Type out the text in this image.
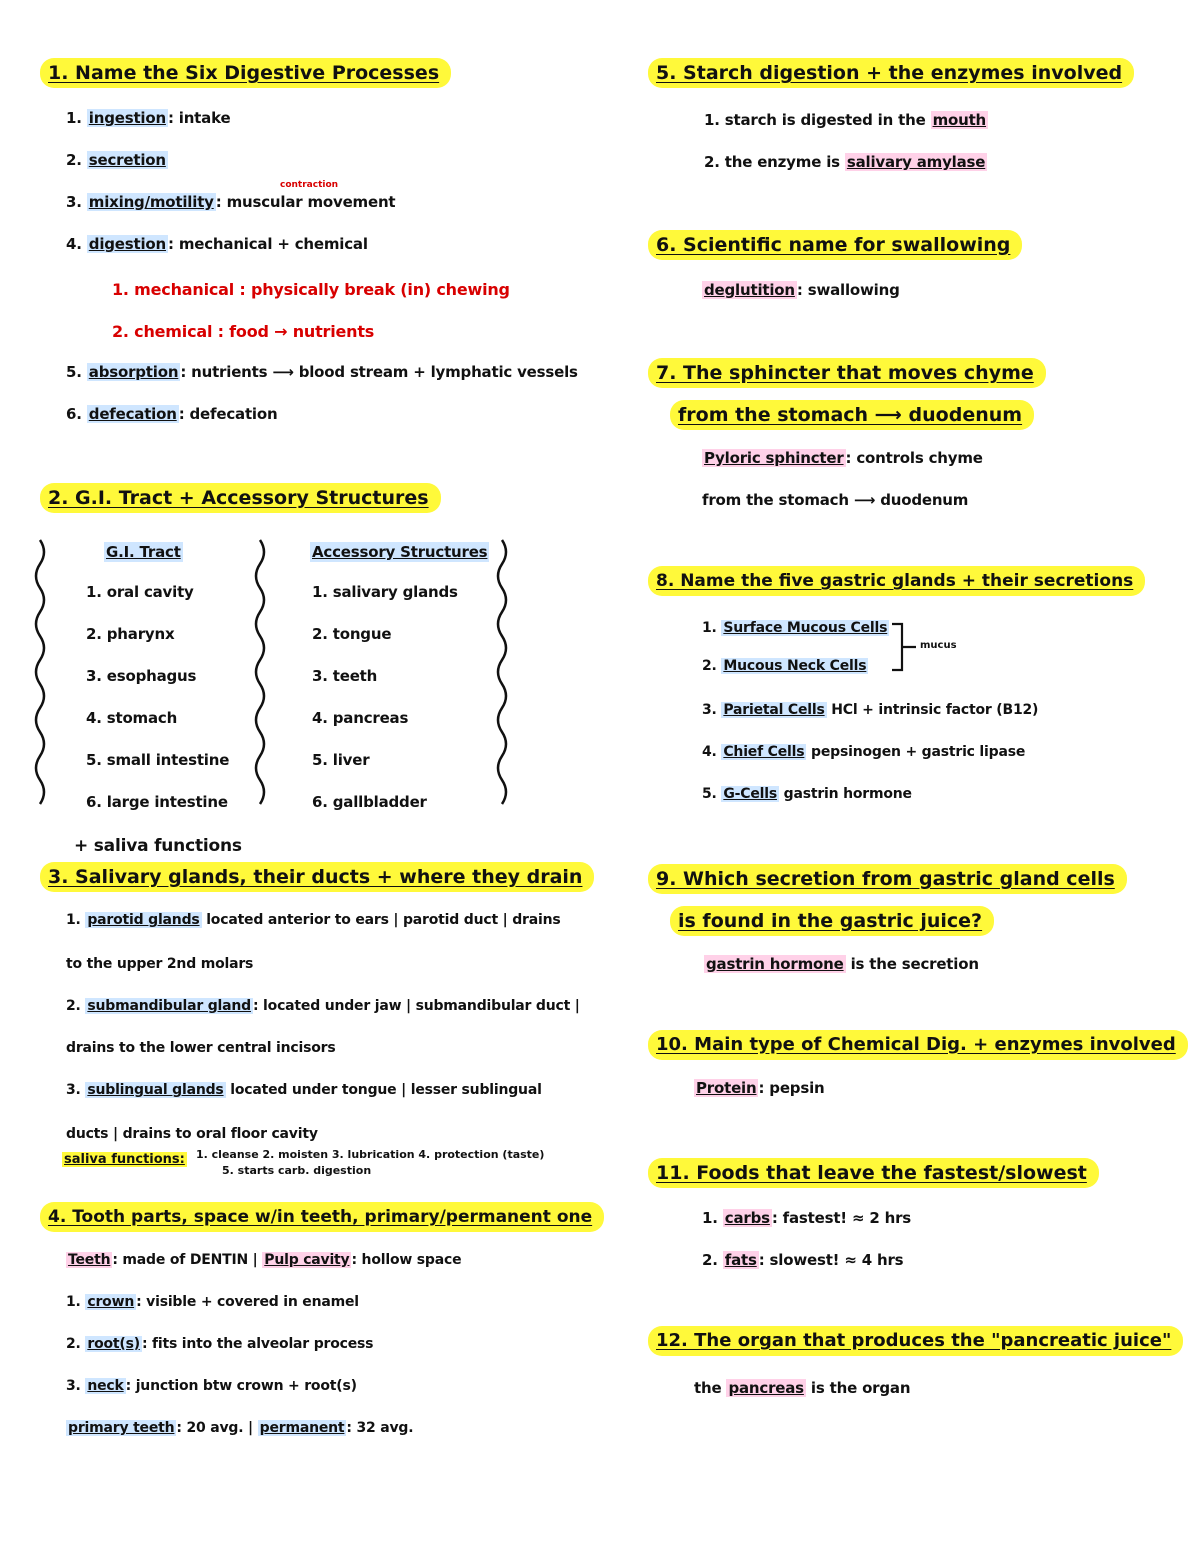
1. Name the Six Digestive Processes
1. ingestion : intake
2. secretion
contraction
3. mixing/motility : muscular movement
4. digestion : mechanical + chemical
1. mechanical : physically break (in) chewing
2. chemical : food → nutrients
5. absorption : nutrients ⟶ blood stream + lymphatic vessels
6. defecation : defecation
2. G.I. Tract + Accessory Structures
G.I. Tract
1. oral cavity
2. pharynx
3. esophagus
4. stomach
5. small intestine
6. large intestine
Accessory Structures
1. salivary glands
2. tongue
3. teeth
4. pancreas
5. liver
6. gallbladder
+ saliva functions
3. Salivary glands, their ducts + where they drain
1. parotid glands located anterior to ears | parotid duct | drains
to the upper 2nd molars
2. submandibular gland : located under jaw | submandibular duct |
drains to the lower central incisors
3. sublingual glands located under tongue | lesser sublingual
ducts | drains to oral floor cavity
saliva functions: 1. cleanse 2. moisten 3. lubrication 4. protection (taste)
5. starts carb. digestion
4. Tooth parts, space w/in teeth, primary/permanent one
Teeth : made of DENTIN | Pulp cavity : hollow space
1. crown : visible + covered in enamel
2. root(s) : fits into the alveolar process
3. neck : junction btw crown + root(s)
primary teeth : 20 avg. | permanent : 32 avg.
5. Starch digestion + the enzymes involved
1. starch is digested in the mouth
2. the enzyme is salivary amylase
6. Scientific name for swallowing
deglutition : swallowing
7. The sphincter that moves chyme
from the stomach ⟶ duodenum
Pyloric sphincter : controls chyme
from the stomach ⟶ duodenum
8. Name the five gastric glands + their secretions
1. Surface Mucous Cells
2. Mucous Neck Cells
mucus
3. Parietal Cells HCl + intrinsic factor (B12)
4. Chief Cells pepsinogen + gastric lipase
5. G-Cells gastrin hormone
9. Which secretion from gastric gland cells
is found in the gastric juice?
gastrin hormone is the secretion
10. Main type of Chemical Dig. + enzymes involved
Protein : pepsin
11. Foods that leave the fastest/slowest
1. carbs : fastest! ≈ 2 hrs
2. fats : slowest! ≈ 4 hrs
12. The organ that produces the "pancreatic juice"
the pancreas is the organ
